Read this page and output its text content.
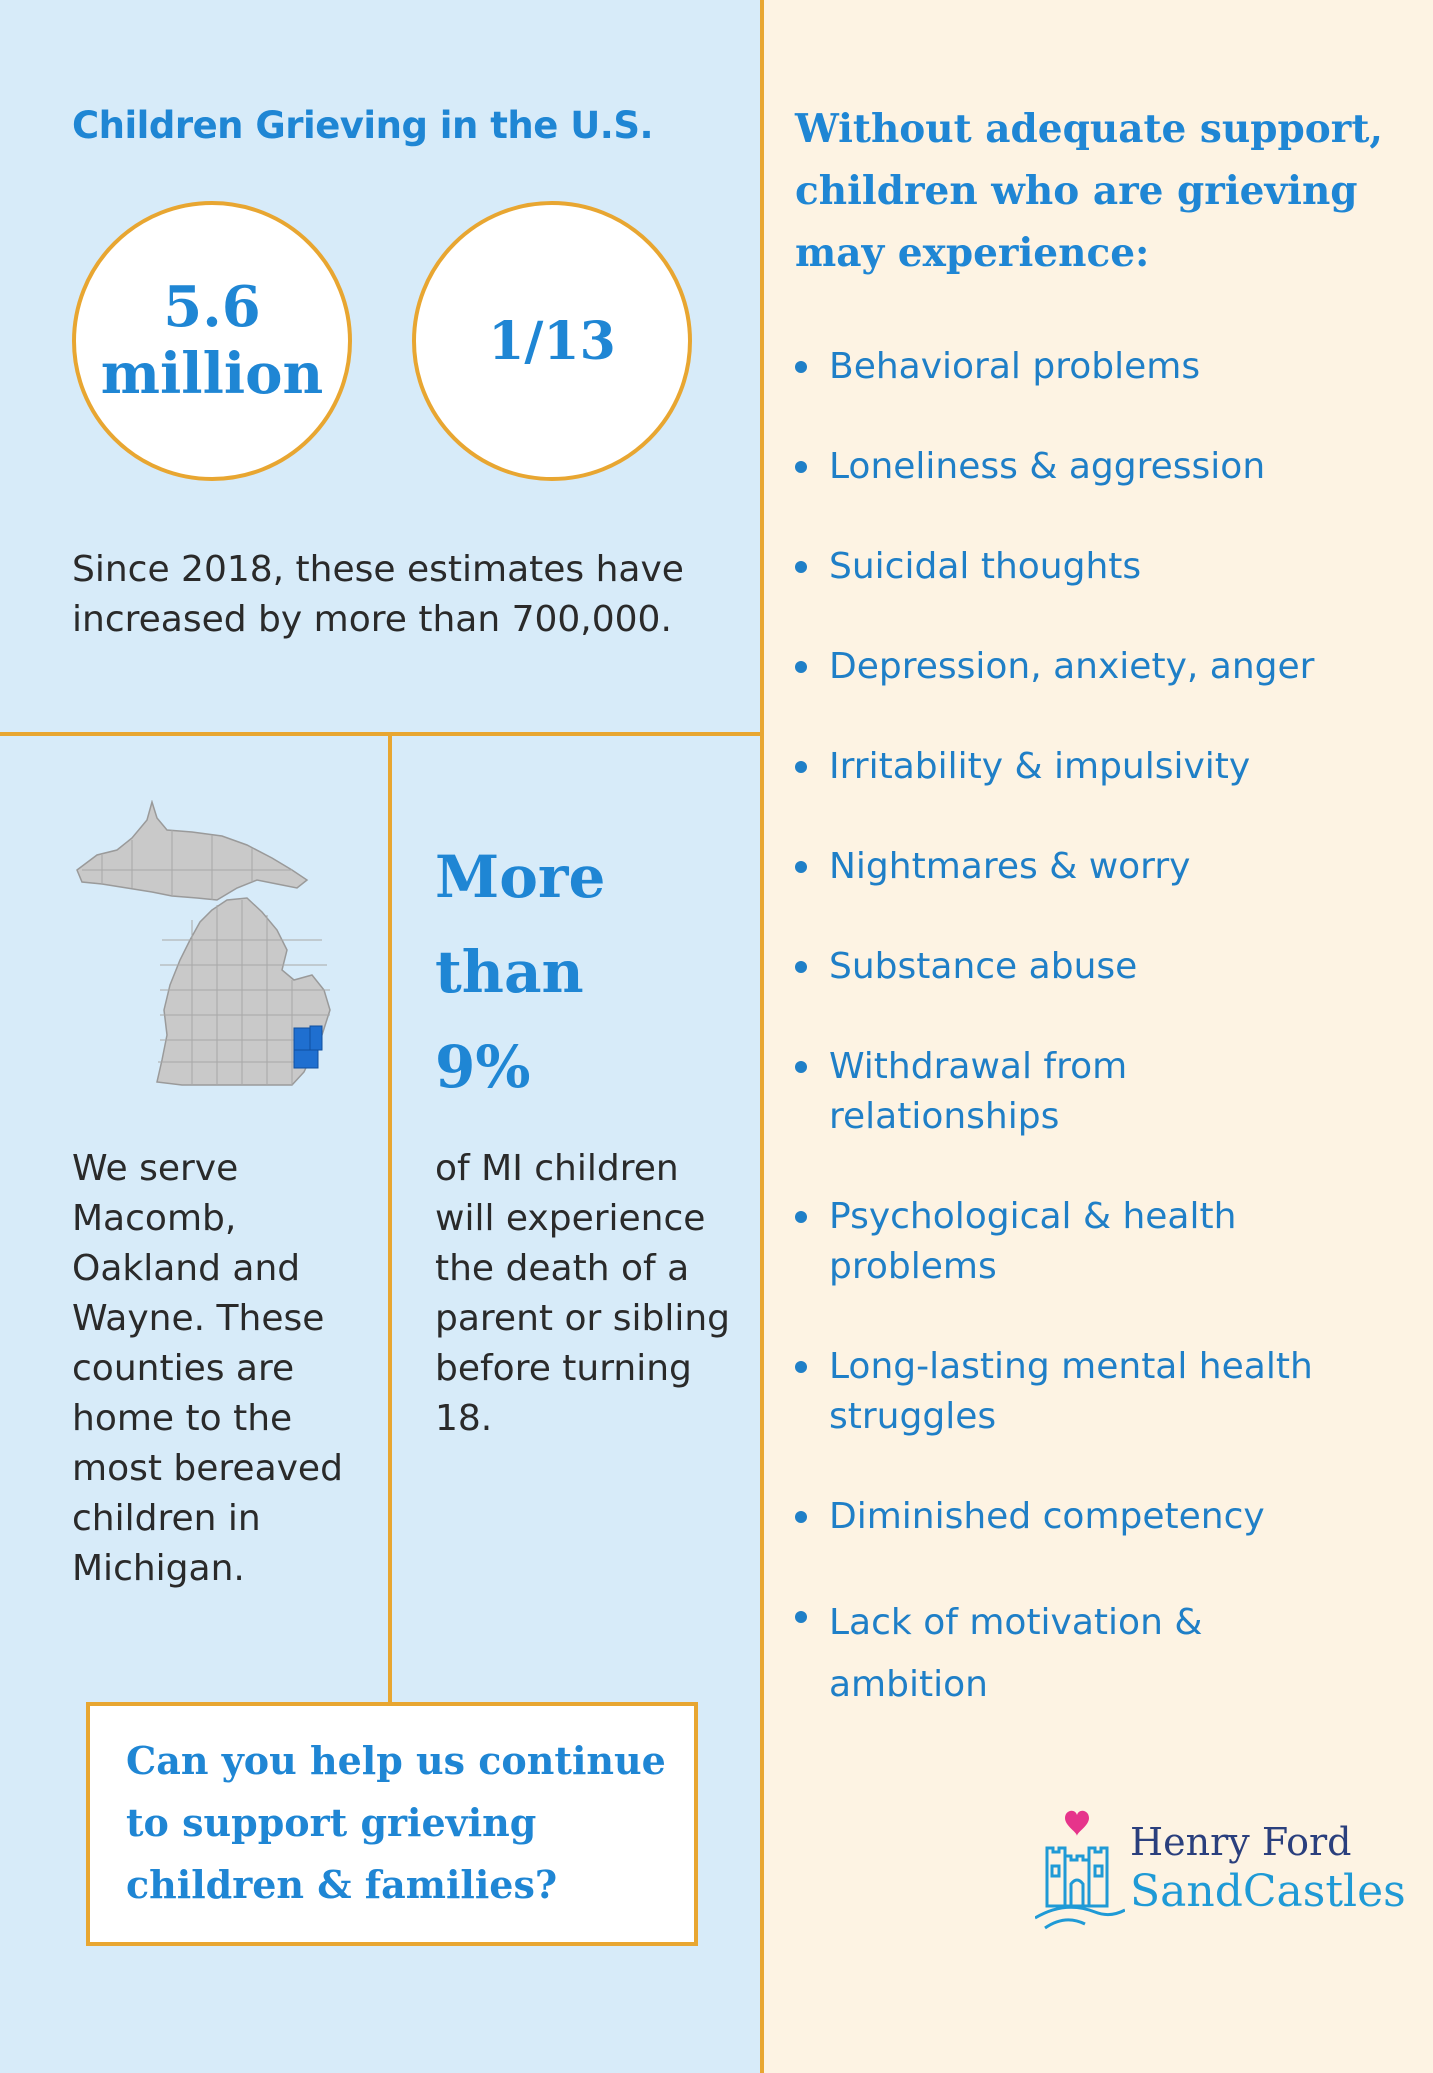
Children Grieving in the U.S.
5.6 million	1/13

Since 2018, these estimates have increased by more than 700,000.

We serve Macomb, Oakland and Wayne. These counties are home to the most bereaved children in Michigan.

More
than
9%

of MI children will experience the death of a parent or sibling before turning 18.

Can you help us continue to support grieving children & families?

Without adequate support, children who are grieving may experience:
Behavioral problems
Loneliness & aggression
Suicidal thoughts
Depression, anxiety, anger
Irritability & impulsivity
Nightmares & worry
Substance abuse
Withdrawal from relationships
Psychological & health problems
Long-lasting mental health struggles
Diminished competency
Lack of motivation & ambition

Henry Ford

SandCastles
